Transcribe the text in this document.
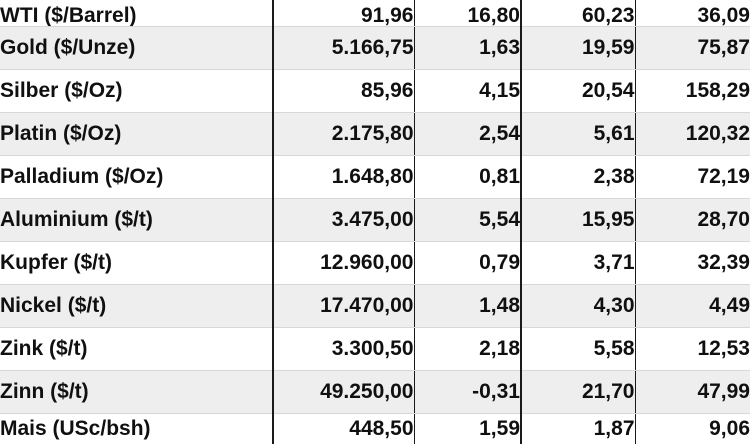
WTI ($/Barrel)	91,96	16,80	60,23	36,09
Gold ($/Unze)	5.166,75	1,63	19,59	75,87
Silber ($/Oz)	85,96	4,15	20,54	158,29
Platin ($/Oz)	2.175,80	2,54	5,61	120,32
Palladium ($/Oz)	1.648,80	0,81	2,38	72,19
Aluminium ($/t)	3.475,00	5,54	15,95	28,70
Kupfer ($/t)	12.960,00	0,79	3,71	32,39
Nickel ($/t)	17.470,00	1,48	4,30	4,49
Zink ($/t)	3.300,50	2,18	5,58	12,53
Zinn ($/t)	49.250,00	-0,31	21,70	47,99
Mais (USc/bsh)	448,50	1,59	1,87	9,06
